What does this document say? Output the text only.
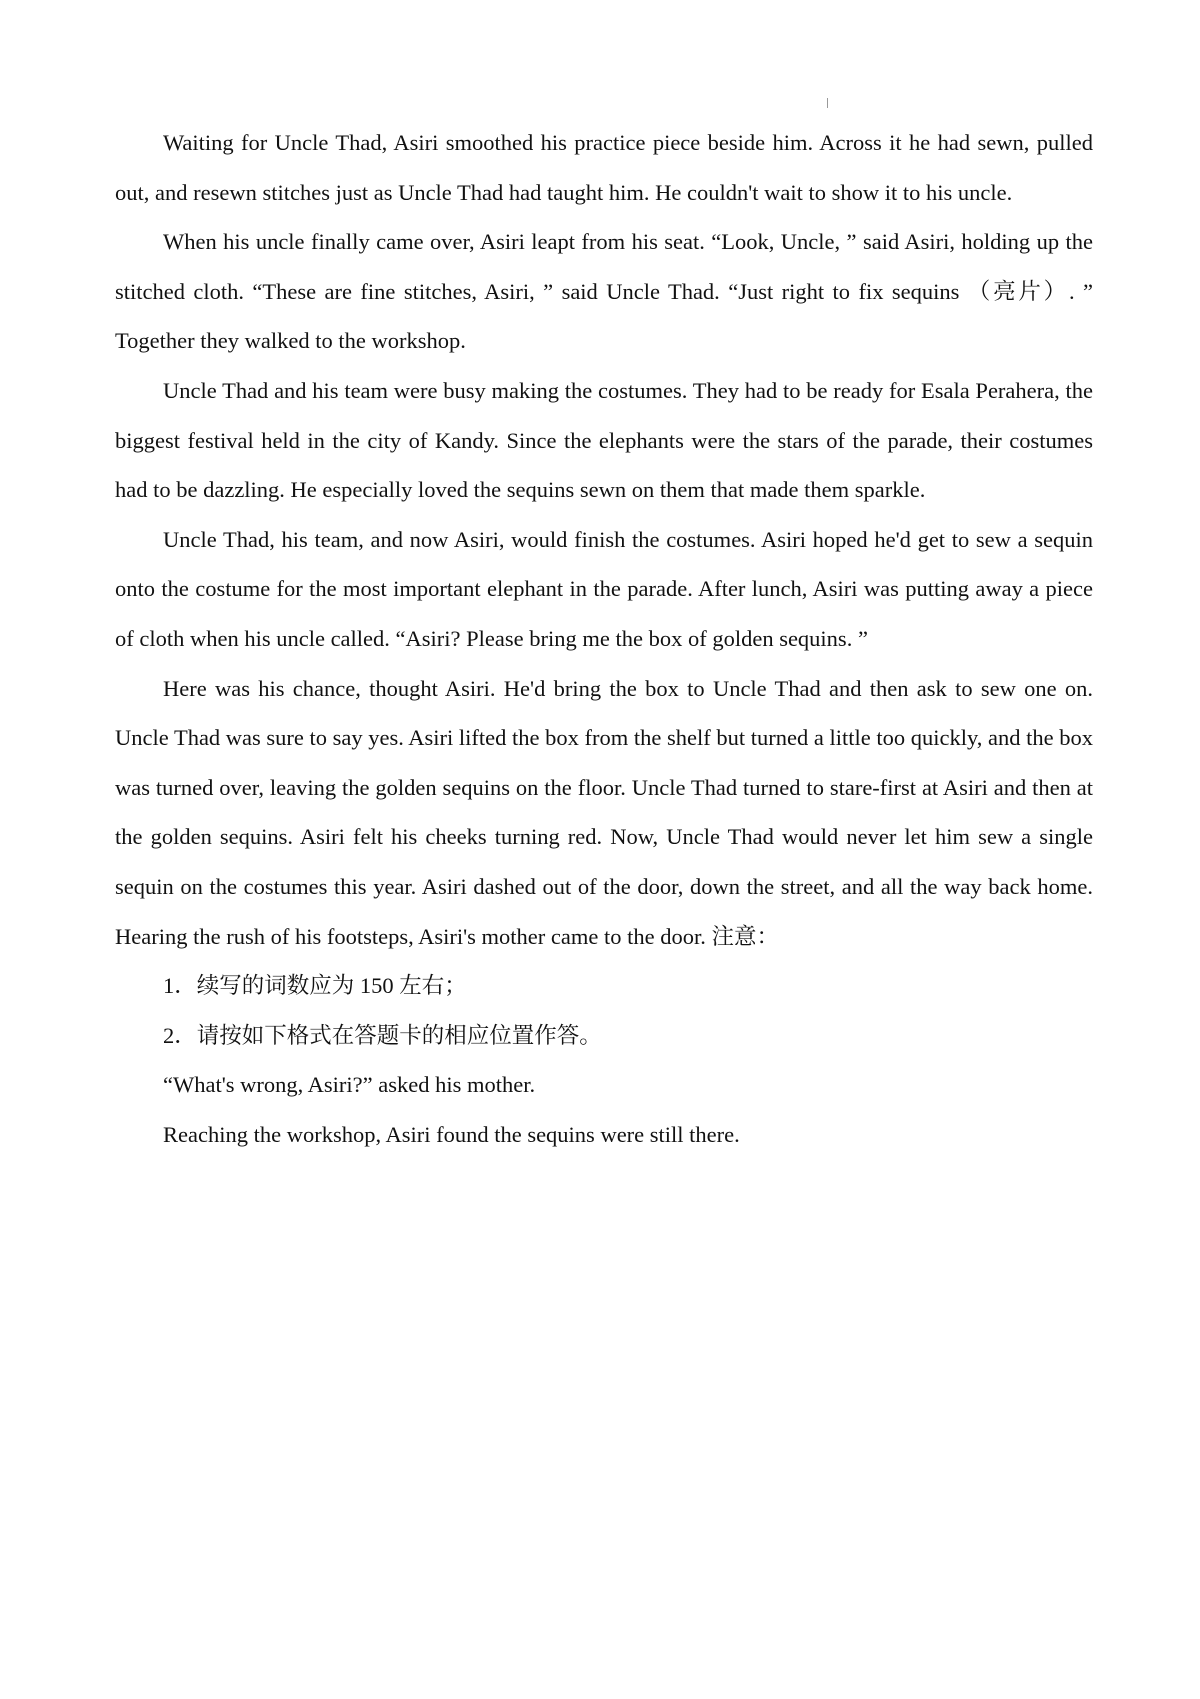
Waiting for Uncle Thad, Asiri smoothed his practice piece beside him. Across it he had sewn, pulled out, and resewn stitches just as Uncle Thad had taught him. He couldn't wait to show it to his uncle.

When his uncle finally came over, Asiri leapt from his seat. “Look, Uncle, ” said Asiri, holding up the stitched cloth. “These are fine stitches, Asiri, ” said Uncle Thad. “Just right to fix sequins （亮片）. ” Together they walked to the workshop.

Uncle Thad and his team were busy making the costumes. They had to be ready for Esala Perahera, the biggest festival held in the city of Kandy. Since the elephants were the stars of the parade, their costumes had to be dazzling. He especially loved the sequins sewn on them that made them sparkle.

Uncle Thad, his team, and now Asiri, would finish the costumes. Asiri hoped he'd get to sew a sequin onto the costume for the most important elephant in the parade. After lunch, Asiri was putting away a piece of cloth when his uncle called. “Asiri? Please bring me the box of golden sequins. ”

Here was his chance, thought Asiri. He'd bring the box to Uncle Thad and then ask to sew one on. Uncle Thad was sure to say yes. Asiri lifted the box from the shelf but turned a little too quickly, and the box was turned over, leaving the golden sequins on the floor. Uncle Thad turned to stare-first at Asiri and then at the golden sequins. Asiri felt his cheeks turning red. Now, Uncle Thad would never let him sew a single sequin on the costumes this year. Asiri dashed out of the door, down the street, and all the way back home. Hearing the rush of his footsteps, Asiri's mother came to the door. 注意：

1．续写的词数应为 150 左右；

2．请按如下格式在答题卡的相应位置作答。

“What's wrong, Asiri?” asked his mother.

Reaching the workshop, Asiri found the sequins were still there.
